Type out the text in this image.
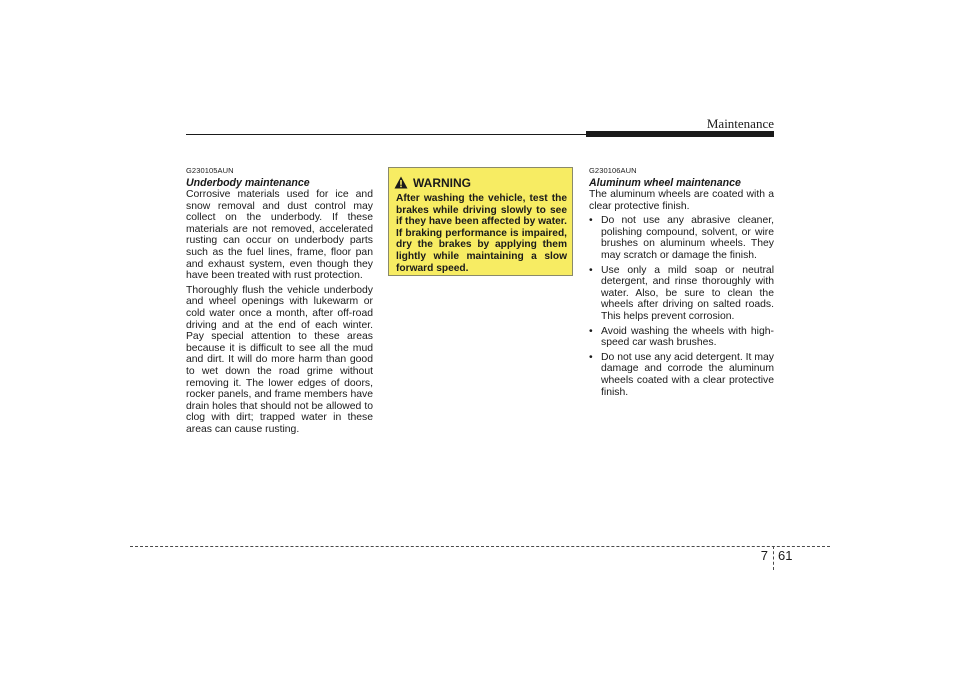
Maintenance
G230105AUN
Underbody maintenance

Corrosive materials used for ice and snow removal and dust control may collect on the underbody. If these materials are not removed, accelerated rusting can occur on underbody parts such as the fuel lines, frame, floor pan and exhaust system, even though they have been treated with rust protection.

Thoroughly flush the vehicle underbody and wheel openings with lukewarm or cold water once a month, after off-road driving and at the end of each winter. Pay special attention to these areas because it is difficult to see all the mud and dirt. It will do more harm than good to wet down the road grime without removing it. The lower edges of doors, rocker panels, and frame members have drain holes that should not be allowed to clog with dirt; trapped water in these areas can cause rusting.

WARNING
After washing the vehicle, test the brakes while driving slowly to see if they have been affected by water. If braking performance is impaired, dry the brakes by applying them lightly while maintaining a slow forward speed.
G230106AUN
Aluminum wheel maintenance

The aluminum wheels are coated with a clear protective finish.

• Do not use any abrasive cleaner, polishing compound, solvent, or wire brushes on aluminum wheels. They may scratch or damage the finish.
• Use only a mild soap or neutral detergent, and rinse thoroughly with water. Also, be sure to clean the wheels after driving on salted roads. This helps prevent corrosion.
• Avoid washing the wheels with high-speed car wash brushes.
• Do not use any acid detergent. It may damage and corrode the aluminum wheels coated with a clear protective finish.
7 61
